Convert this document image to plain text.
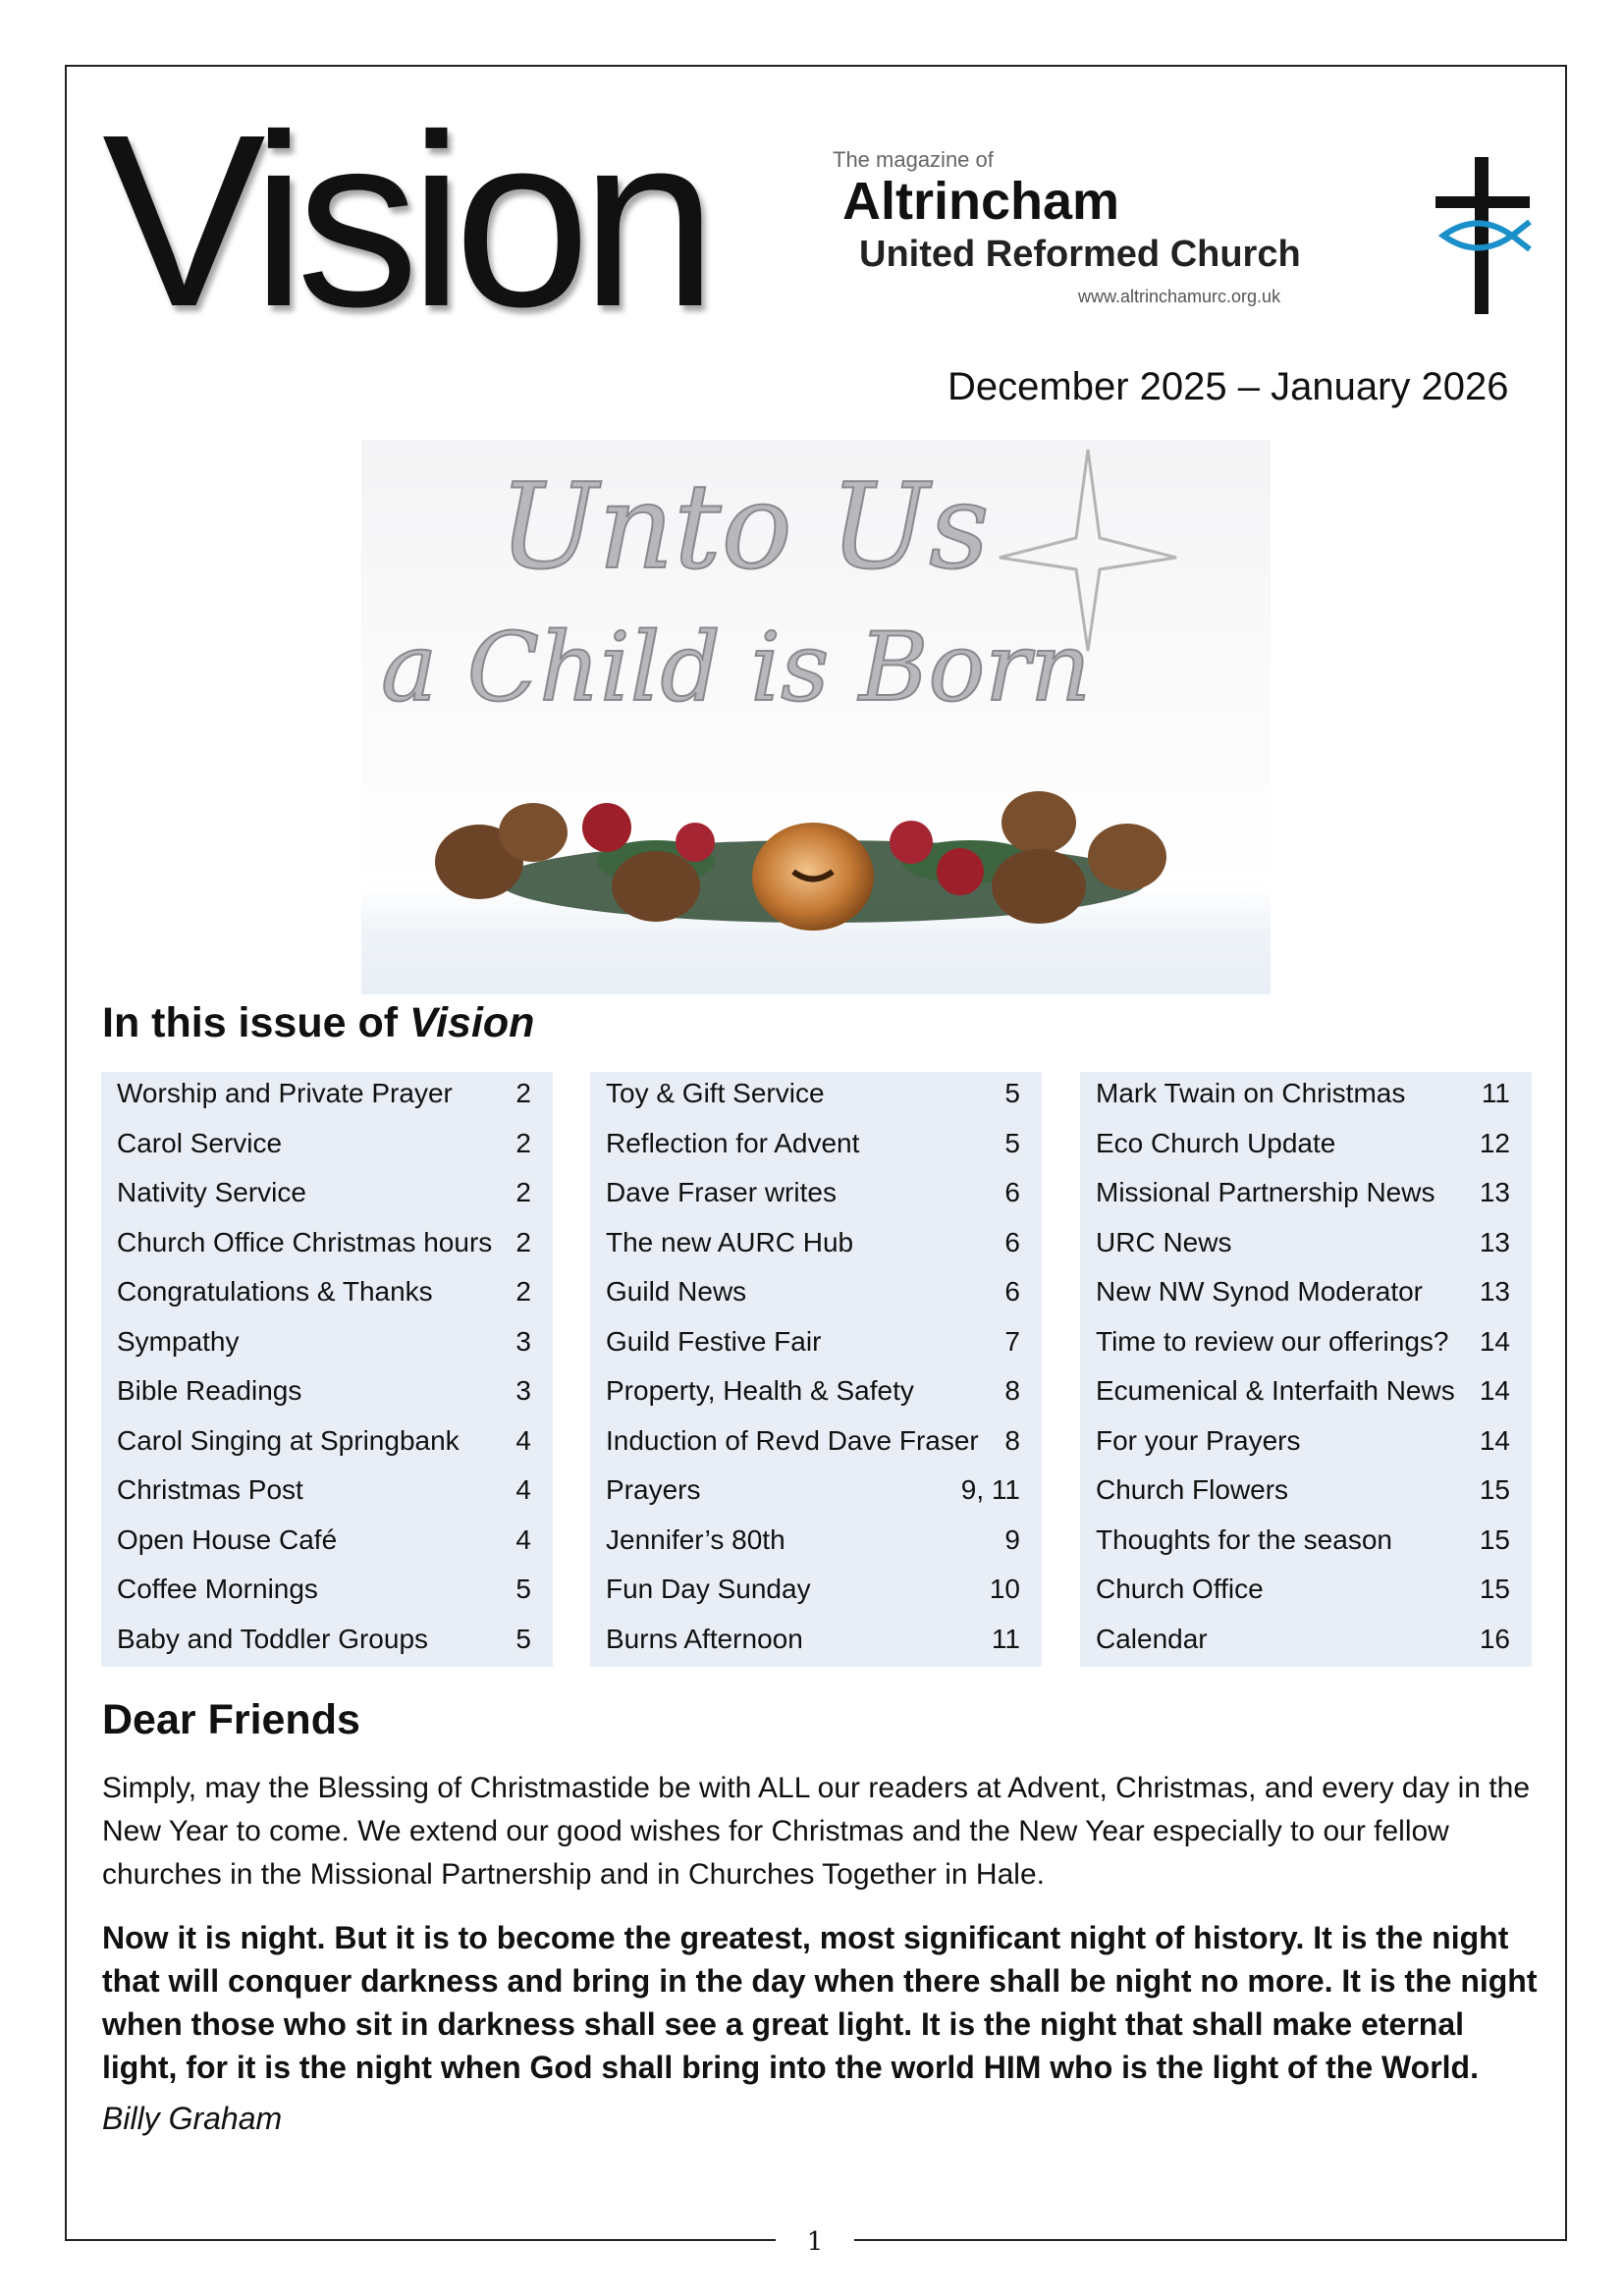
Vision	The magazine of
Altrincham
United Reformed Church
www.altrinchamurc.org.uk
December 2025 – January 2026
Unto Us
a Child is Born
In this issue of Vision
Worship and Private Prayer 2
Carol Service	2
Nativity Service	2
Church Office Christmas hours 2
Congratulations & Thanks	2
Sympathy	3
Bible Readings	3
Carol Singing at Springbank 4
Christmas Post	4
Open House Café	4
Coffee Mornings	5
Baby and Toddler Groups	5
Toy & Gift Service	5
Reflection for Advent	5
Dave Fraser writes	6
The new AURC Hub	6
Guild News	6
Guild Festive Fair	7
Property, Health & Safety	8
Induction of Revd Dave Fraser 8
Prayers	9, 11
Jennifer’s 80th	9
Fun Day Sunday	10
Burns Afternoon	11
Mark Twain on Christmas	11
Eco Church Update	12
Missional Partnership News 13
URC News	13
New NW Synod Moderator 13
Time to review our offerings? 14
Ecumenical & Interfaith News 14
For your Prayers	14
Church Flowers	15
Thoughts for the season	15
Church Office	15
Calendar	16
Dear Friends

Simply, may the Blessing of Christmastide be with ALL our readers at Advent, Christmas, and every day in the New Year to come. We extend our good wishes for Christmas and the New Year especially to our fellow churches in the Missional Partnership and in Churches Together in Hale.

Now it is night. But it is to become the greatest, most significant night of history. It is the night that will conquer darkness and bring in the day when there shall be night no more. It is the night when those who sit in darkness shall see a great light. It is the night that shall make eternal light, for it is the night when God shall bring into the world HIM who is the light of the World.

Billy Graham
1
